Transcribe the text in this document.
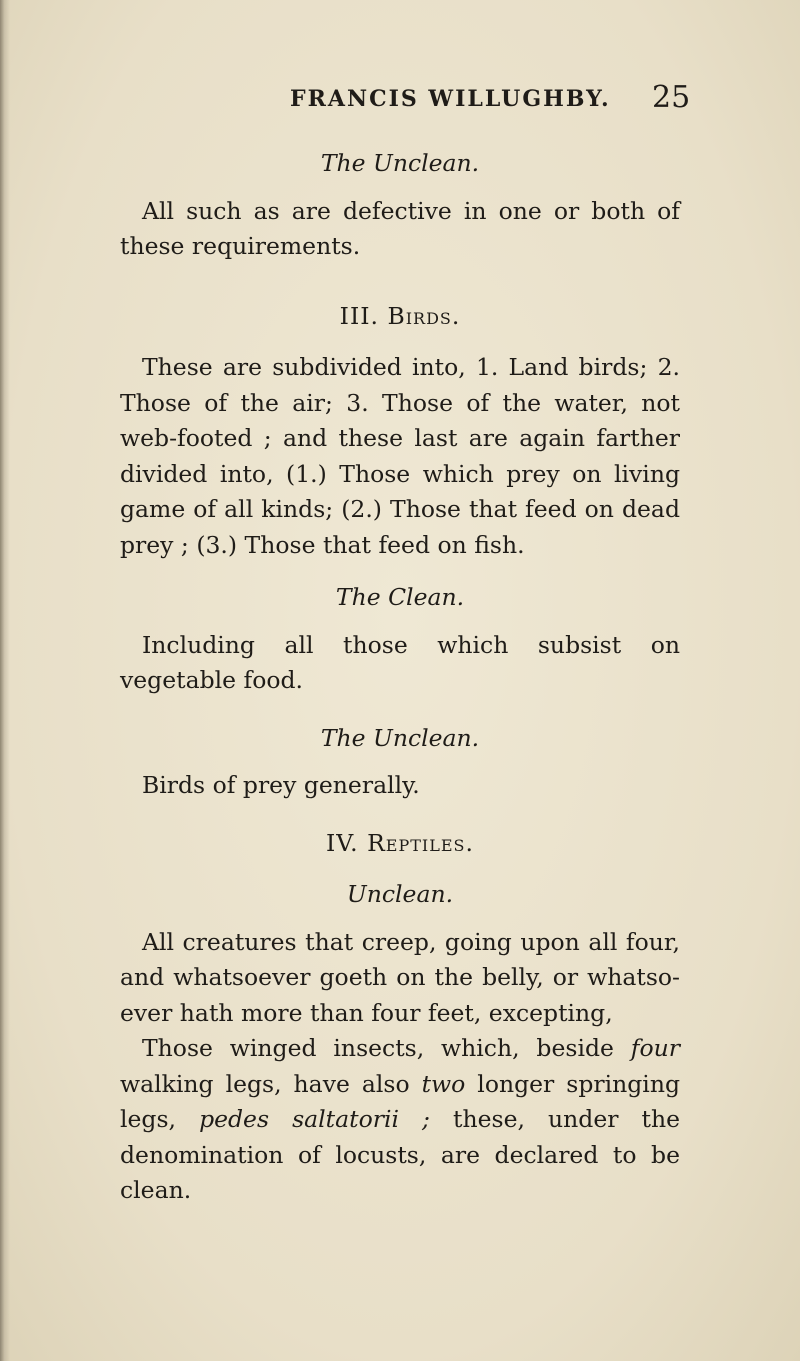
FRANCIS WILLUGHBY. 25

The Unclean.

All such as are defective in one or both of these requirements.

III. Birds.

These are subdivided into, 1. Land birds; 2. Those of the air; 3. Those of the water, not web-footed ; and these last are again farther divided into, (1.) Those which prey on living game of all kinds; (2.) Those that feed on dead prey ; (3.) Those that feed on fish.

The Clean.

Including all those which subsist on vegetable food.

The Unclean.

Birds of prey generally.

IV. Reptiles.

Unclean.

All creatures that creep, going upon all four, and whatsoever goeth on the belly, or whatso- ever hath more than four feet, excepting,

Those winged insects, which, beside four walking legs, have also two longer springing legs, pedes saltatorii ; these, under the denomination of locusts, are declared to be clean.
